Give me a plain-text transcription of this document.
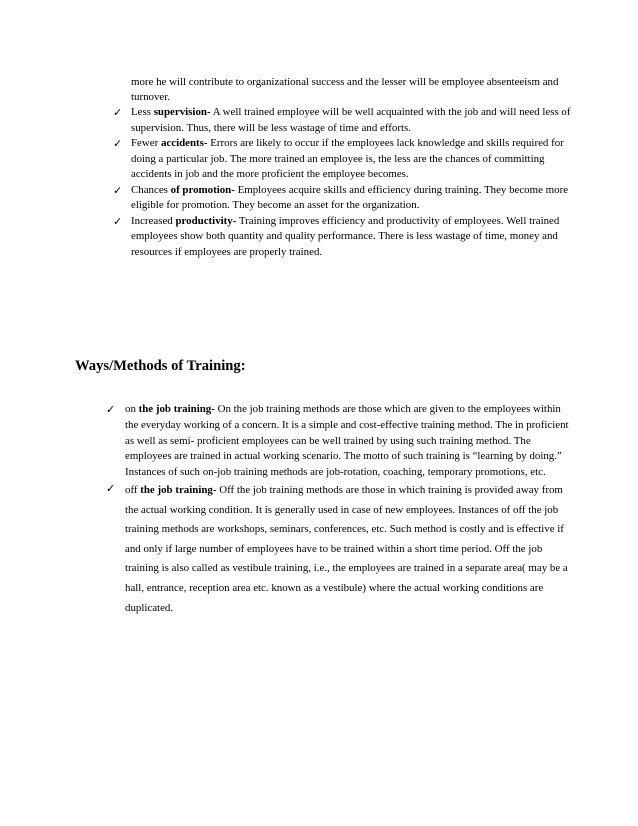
more he will contribute to organizational success and the lesser will be employee absenteeism and turnover.

✓ Less supervision- A well trained employee will be well acquainted with the job and will need less of supervision. Thus, there will be less wastage of time and efforts.
✓ Fewer accidents- Errors are likely to occur if the employees lack knowledge and skills required for doing a particular job. The more trained an employee is, the less are the chances of committing accidents in job and the more proficient the employee becomes.
✓ Chances of promotion- Employees acquire skills and efficiency during training. They become more eligible for promotion. They become an asset for the organization.
✓ Increased productivity- Training improves efficiency and productivity of employees. Well trained employees show both quantity and quality performance. There is less wastage of time, money and resources if employees are properly trained.
Ways/Methods of Training:
✓ on the job training- On the job training methods are those which are given to the employees within the everyday working of a concern. It is a simple and cost-effective training method. The in proficient as well as semi- proficient employees can be well trained by using such training method. The employees are trained in actual working scenario. The motto of such training is “learning by doing.” Instances of such on-job training methods are job-rotation, coaching, temporary promotions, etc.
✓ off the job training- Off the job training methods are those in which training is provided away from the actual working condition. It is generally used in case of new employees. Instances of off the job training methods are workshops, seminars, conferences, etc. Such method is costly and is effective if and only if large number of employees have to be trained within a short time period. Off the job training is also called as vestibule training, i.e., the employees are trained in a separate area( may be a hall, entrance, reception area etc. known as a vestibule) where the actual working conditions are duplicated.
